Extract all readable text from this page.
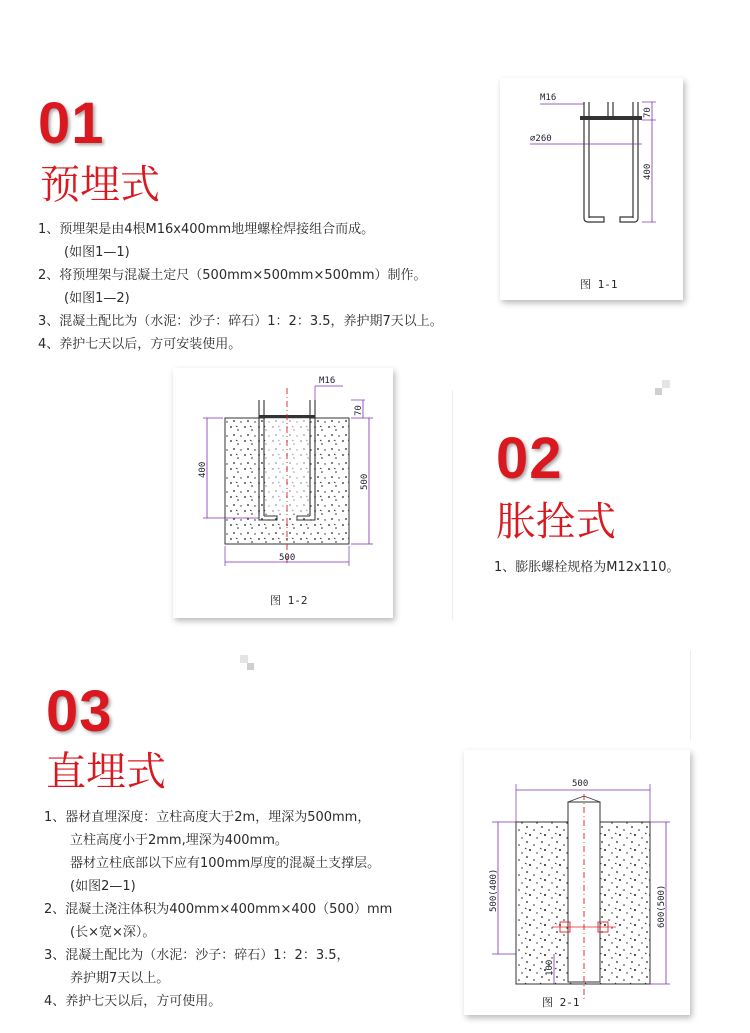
01
预埋式
1、预埋架是由4根M16x400mm地埋螺栓焊接组合而成。
(如图1—1)
2、将预埋架与混凝土定尺（500mm×500mm×500mm）制作。
(如图1—2)
3、混凝土配比为（水泥：沙子：碎石）1：2：3.5，养护期7天以上。
4、养护七天以后，方可安装使用。
M16
⌀260
70
400
图 1-1
02
胀拴式
1、膨胀螺栓规格为M12x110。
M16
70
500
400
500
图 1-2
03
直埋式
1、器材直埋深度：立柱高度大于2m，埋深为500mm，
立柱高度小于2mm,埋深为400mm。
器材立柱底部以下应有100mm厚度的混凝土支撑层。
(如图2—1)
2、混凝土浇注体积为400mm×400mm×400（500）mm
(长×宽×深）。
3、混凝土配比为（水泥：沙子：碎石）1：2：3.5，
养护期7天以上。
4、养护七天以后，方可使用。
500
500(400)
100
600(500)
图 2-1
